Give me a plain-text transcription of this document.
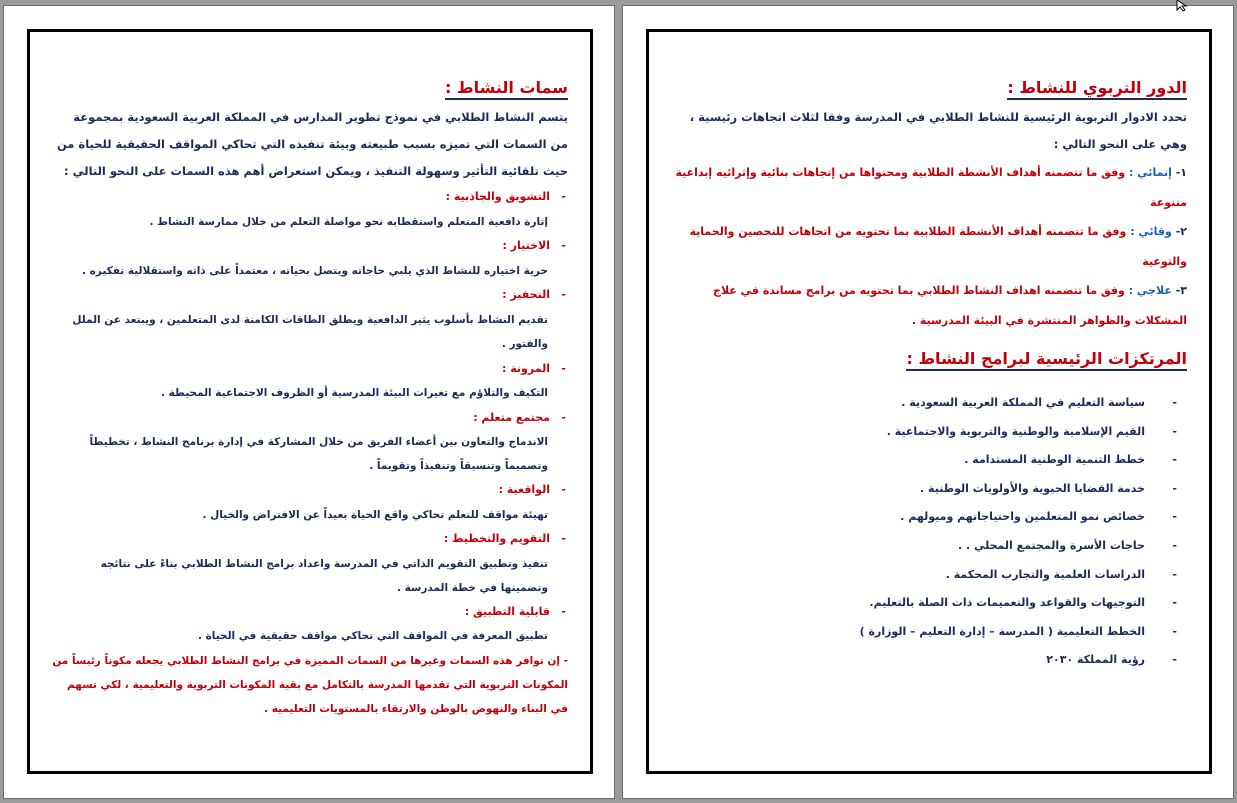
سمات النشاط :

يتسم النشاط الطلابي في نموذج تطوير المدارس في المملكة العربية السعودية بمجموعة من السمات التي تميزه بسبب طبيعته وبيئة تنفيذه التي تحاكي المواقف الحقيقية للحياة من حيث تلقائية التأثير وسهولة التنفيذ ، ويمكن استعراض أهم هذه السمات على النحو التالي :

- التشويق والجاذبية :
إثارة دافعية المتعلم واستقطابه نحو مواصلة التعلم من خلال ممارسة النشاط .
- الاختيار :
حرية اختياره للنشاط الذي يلبي حاجاته ويتصل بحياته ، معتمداً على ذاته واستقلالية تفكيره .
- التحفيز :
تقديم النشاط بأسلوب يثير الدافعية ويطلق الطاقات الكامنة لدى المتعلمين ، ويبتعد عن الملل والفتور .
- المرونة :
التكيف والتلاؤم مع تغيرات البيئة المدرسية أو الظروف الاجتماعية المحيطة .
- مجتمع متعلم :
الاندماج والتعاون بين أعضاء الفريق من خلال المشاركة في إدارة برنامج النشاط ، تخطيطاً وتصميماً وتنسيقاً وتنفيذاً وتقويماً .
- الواقعية :
تهيئة مواقف للتعلم تحاكي واقع الحياة بعيداً عن الافتراض والخيال .
- التقويم والتخطيط :
تنفيذ وتطبيق التقويم الذاتي في المدرسة واعداد برامج النشاط الطلابي بناءً على نتائجه وتضمينها في خطة المدرسة .
- قابلية التطبيق :
تطبيق المعرفة في المواقف التي تحاكي مواقف حقيقية في الحياة .

- إن توافر هذه السمات وغيرها من السمات المميزة في برامج النشاط الطلابي يجعله مكوناً رئيساً من المكونات التربوية التي تقدمها المدرسة بالتكامل مع بقية المكونات التربوية والتعليمية ، لكي تسهم في البناء والنهوض بالوطن والارتقاء بالمستويات التعليمية .

الدور التربوي للنشاط :

تحدد الادوار التربوية الرئيسية للنشاط الطلابي في المدرسة وفقا لثلاث اتجاهات رئيسية ، وهي على النحو التالي :

١- إنمائي : وفق ما تتضمنه أهداف الأنشطة الطلابية ومحتواها من إتجاهات بنائية وإثرائيه إبداعية متنوعة

٢- وقائي : وفق ما تتضمنه أهداف الأنشطة الطلابية بما تحتويه من اتجاهات للتحصين والحماية والتوعية

٣- علاجي : وفق ما تتضمنه اهداف النشاط الطلابي بما تحتويه من برامج مساندة في علاج المشكلات والظواهر المنتشرة في البيئة المدرسية .

المرتكزات الرئيسية لبرامج النشاط :
- سياسة التعليم في المملكة العربية السعودية .
- القيم الإسلامية والوطنية والتربوية والاجتماعية .
- خطط التنمية الوطنية المستدامة .
- خدمة القضايا الحيوية والأولويات الوطنية .
- خصائص نمو المتعلمين واحتياجاتهم وميولهم .
- حاجات الأسرة والمجتمع المحلي . .
- الدراسات العلمية والتجارب المحكمة .
- التوجيهات والقواعد والتعميمات ذات الصلة بالتعليم.
- الخطط التعليمية ( المدرسة – إدارة التعليم – الوزارة )
- رؤية المملكة ٢٠٣٠
